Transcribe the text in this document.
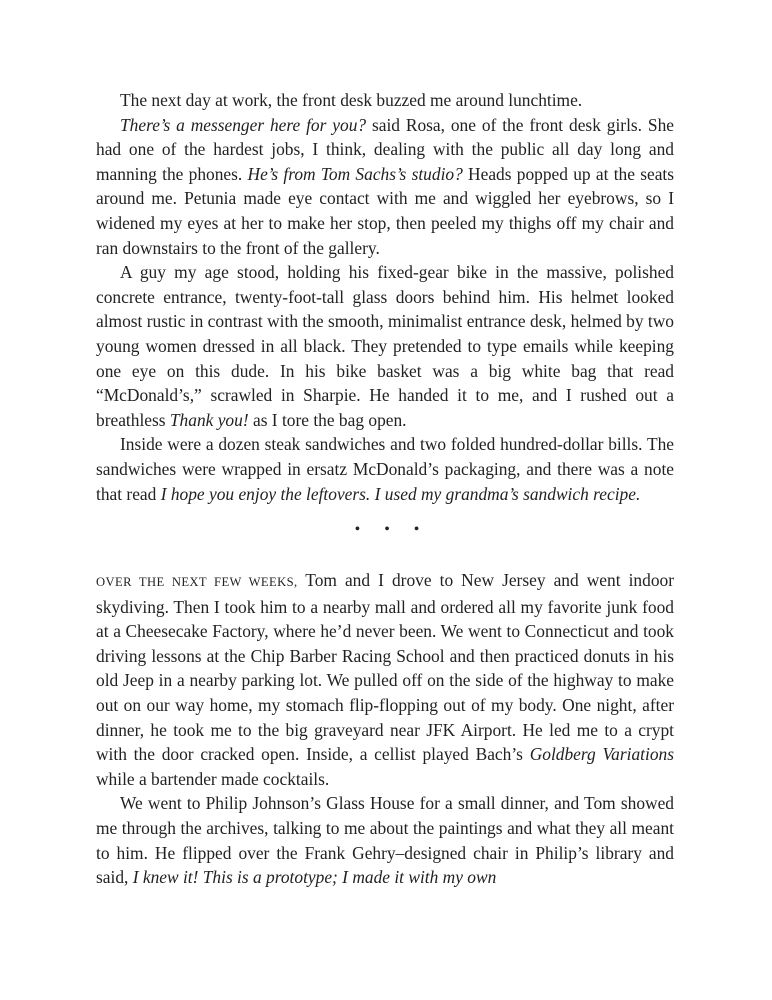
The next day at work, the front desk buzzed me around lunchtime.

There’s a messenger here for you? said Rosa, one of the front desk girls. She had one of the hardest jobs, I think, dealing with the public all day long and manning the phones. He’s from Tom Sachs’s studio? Heads popped up at the seats around me. Petunia made eye contact with me and wiggled her eyebrows, so I widened my eyes at her to make her stop, then peeled my thighs off my chair and ran downstairs to the front of the gallery.

A guy my age stood, holding his fixed-gear bike in the massive, polished concrete entrance, twenty-foot-tall glass doors behind him. His helmet looked almost rustic in contrast with the smooth, minimalist entrance desk, helmed by two young women dressed in all black. They pretended to type emails while keeping one eye on this dude. In his bike basket was a big white bag that read “McDonald’s,” scrawled in Sharpie. He handed it to me, and I rushed out a breathless Thank you! as I tore the bag open.

Inside were a dozen steak sandwiches and two folded hundred-dollar bills. The sandwiches were wrapped in ersatz McDonald’s packaging, and there was a note that read I hope you enjoy the leftovers. I used my grandma’s sandwich recipe.

• • •

OVER THE NEXT FEW WEEKS, Tom and I drove to New Jersey and went indoor skydiving. Then I took him to a nearby mall and ordered all my favorite junk food at a Cheesecake Factory, where he’d never been. We went to Connecticut and took driving lessons at the Chip Barber Racing School and then practiced donuts in his old Jeep in a nearby parking lot. We pulled off on the side of the highway to make out on our way home, my stomach flip-flopping out of my body. One night, after dinner, he took me to the big graveyard near JFK Airport. He led me to a crypt with the door cracked open. Inside, a cellist played Bach’s Goldberg Variations while a bartender made cocktails.

We went to Philip Johnson’s Glass House for a small dinner, and Tom showed me through the archives, talking to me about the paintings and what they all meant to him. He flipped over the Frank Gehry–designed chair in Philip’s library and said, I knew it! This is a prototype; I made it with my own
